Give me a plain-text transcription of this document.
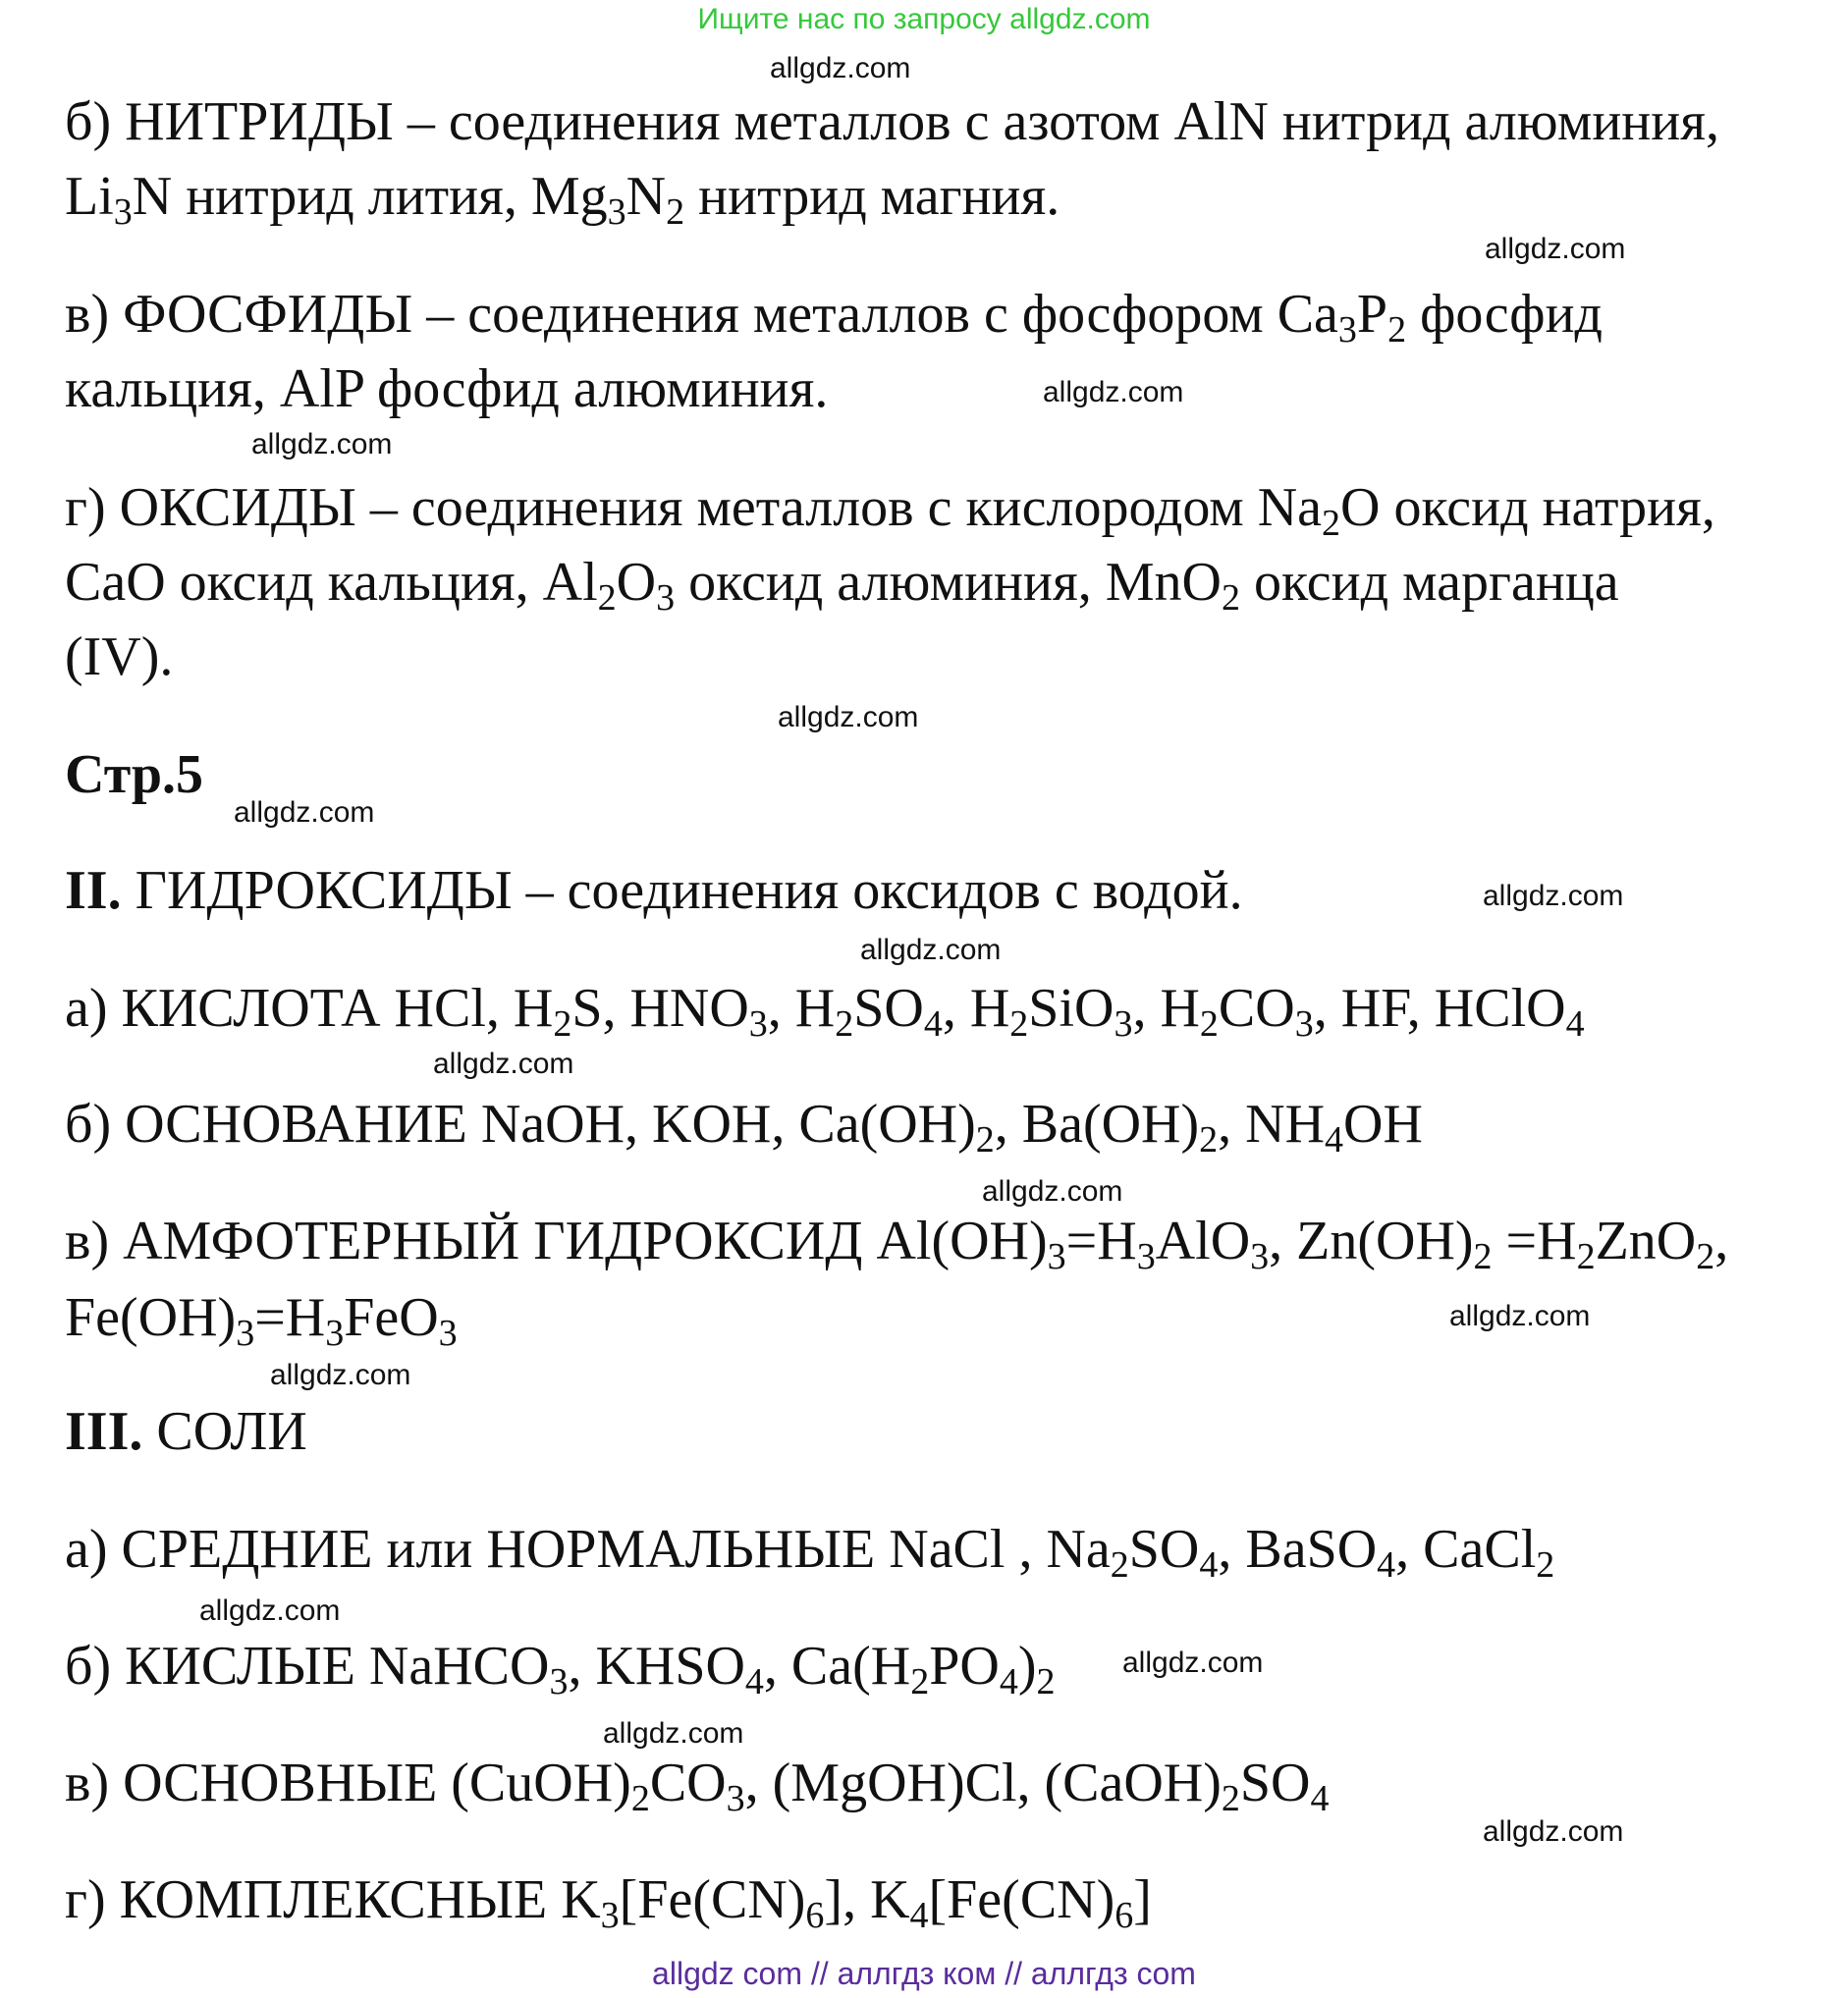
Ищите нас по запросу allgdz.com
allgdz.com
allgdz.com
allgdz.com
allgdz.com
allgdz.com
allgdz.com
allgdz.com
allgdz.com
allgdz.com
allgdz.com
allgdz.com
allgdz.com
allgdz.com
allgdz.com
allgdz.com
allgdz.com
б) НИТРИДЫ – соединения металлов с азотом AlN нитрид алюминия,
$Li_3N$ нитрид лития, $Mg_3N_2$ нитрид магния.
в) ФОСФИДЫ – соединения металлов с фосфором $Ca_3P_2$ фосфид
кальция, AlP фосфид алюминия.
г) ОКСИДЫ – соединения металлов с кислородом $Na_2O$ оксид натрия,
CaO оксид кальция, $Al_2O_3$ оксид алюминия, MnO$_2$ оксид марганца
(IV).
Стр.5
II. ГИДРОКСИДЫ – соединения оксидов с водой.
а) КИСЛОТА HCl, $H_2S$, $HNO_3$, $H_2SO_4$, $H_2SiO_3$, $H_2CO_3$, HF, HClO$_4$
б) ОСНОВАНИЕ NaOH, KOH, $Ca(OH)_2$, $Ba(OH)_2$, $NH_4OH$
в) АМФОТЕРНЫЙ ГИДРОКСИД $Al(OH)_3=H_3AlO_3$, $Zn(OH)_2 =H_2ZnO_2$,
$Fe(OH)_3=H_3FeO_3$
III. СОЛИ
а) СРЕДНИЕ или НОРМАЛЬНЫЕ NaCl , $Na_2SO_4$, BaSO$_4$, CaCl$_2$
б) КИСЛЫЕ NaHCO$_3$, $KHSO_4$, $Ca(H_2PO_4)_2$
в) ОСНОВНЫЕ $(CuOH)_2CO_3$, (MgOH)Cl, $(CaOH)_2SO_4$
г) КОМПЛЕКСНЫЕ $K_3[Fe(CN)_6]$, $K_4[Fe(CN)_6]$
allgdz com // аллгдз ком // аллгдз com
